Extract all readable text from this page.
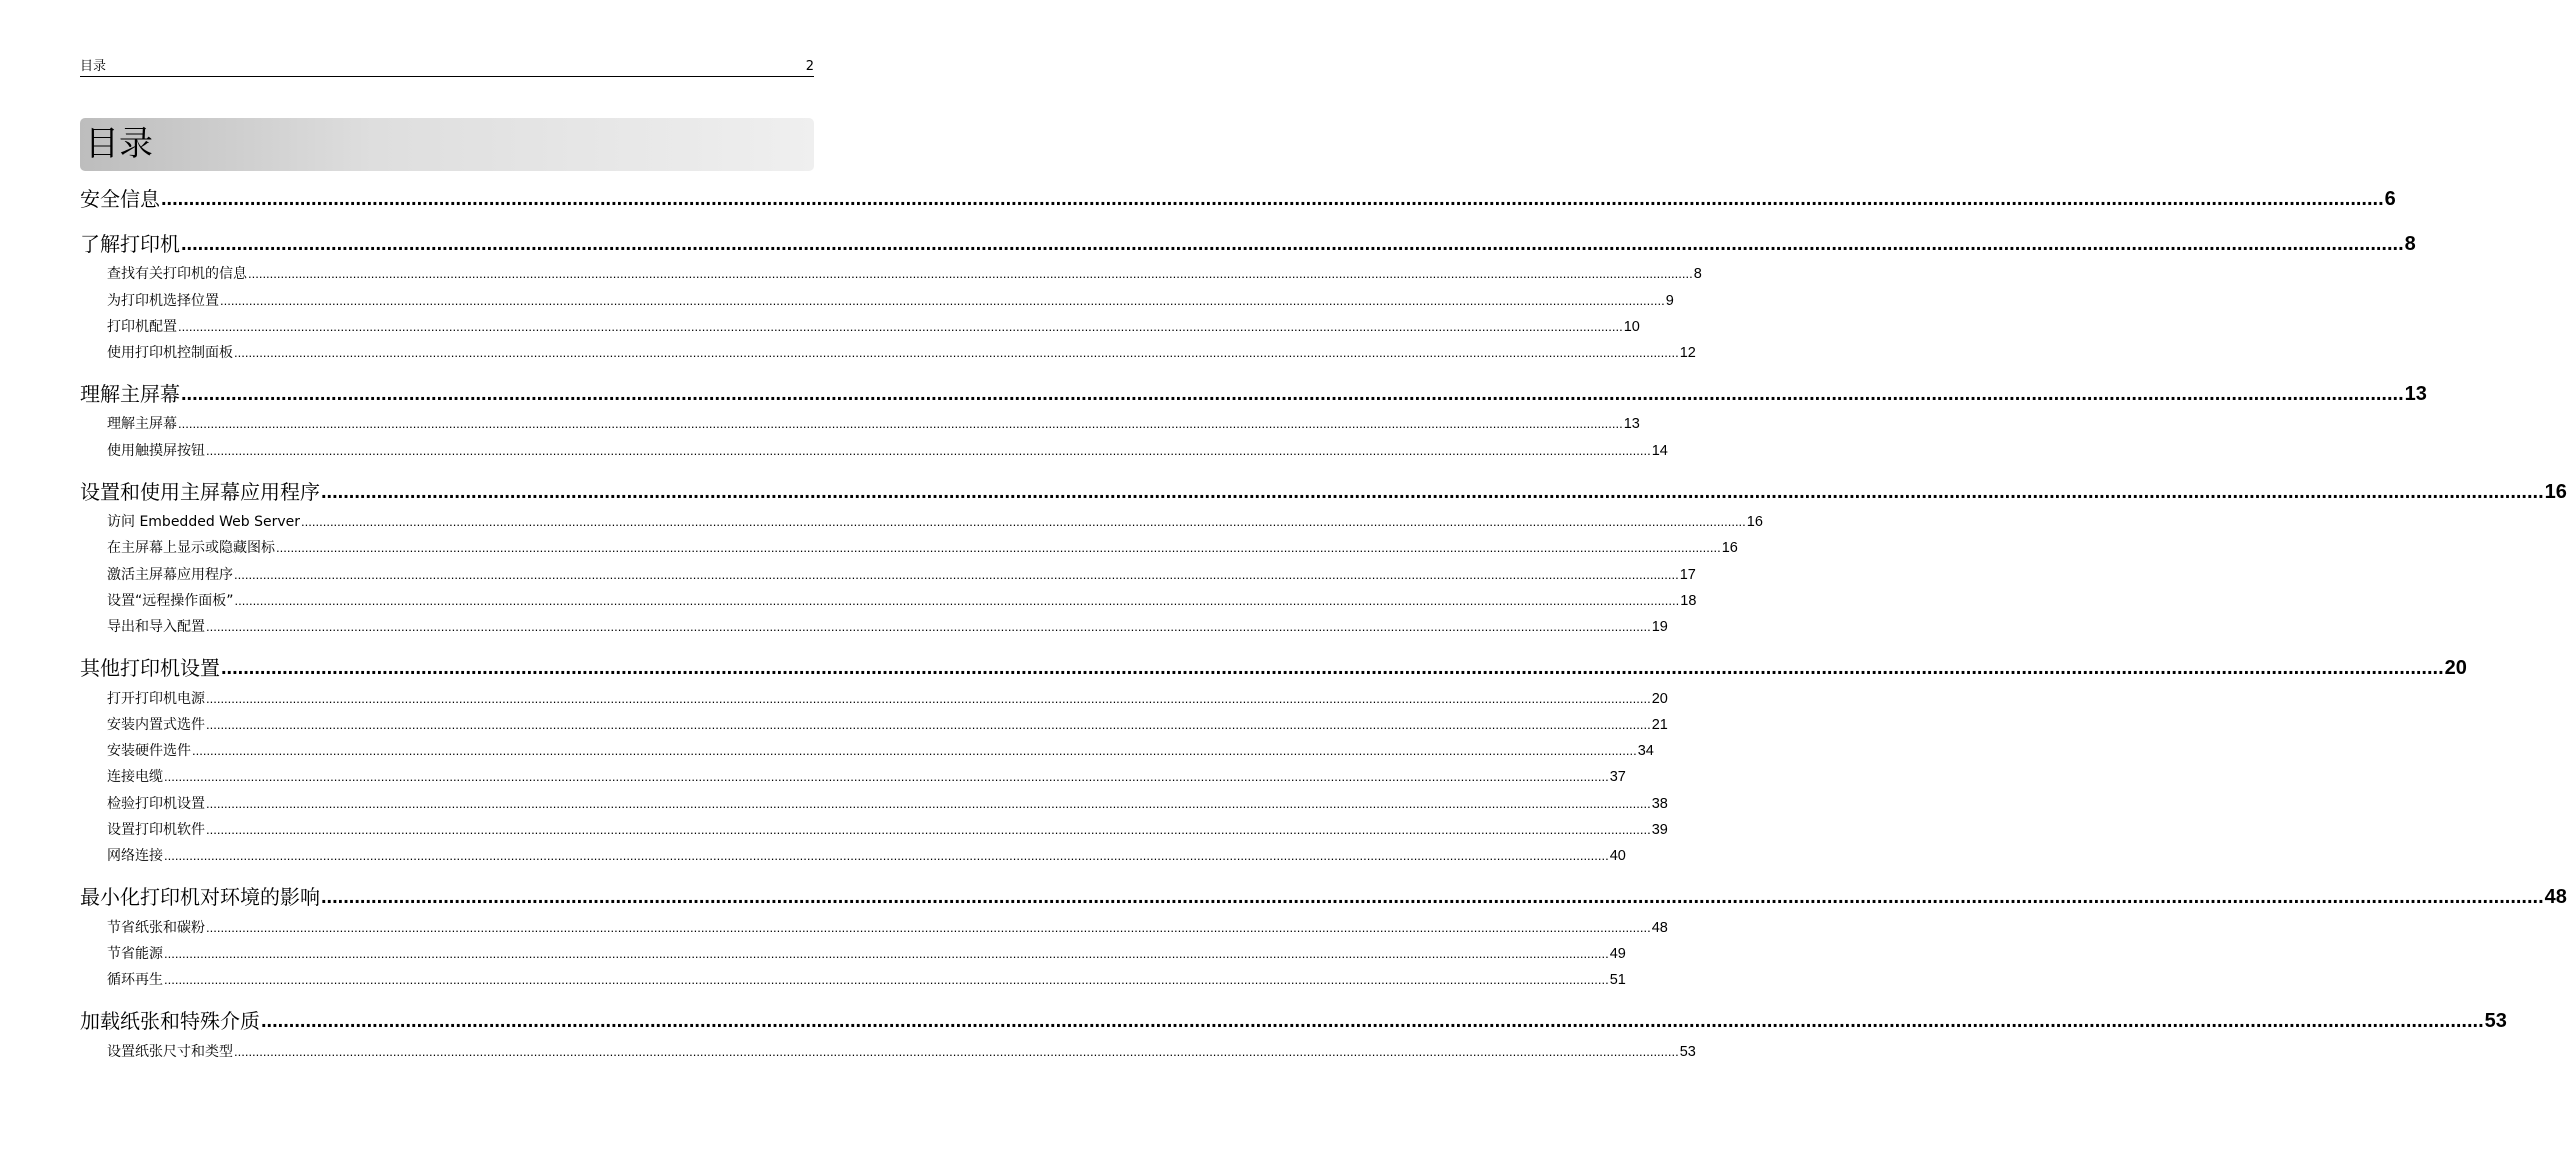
目录	2
目录
安全信息 ................................................................................................................................................................................................................................................................................................................................................................................................................ 6
了解打印机 ................................................................................................................................................................................................................................................................................................................................................................................................................ 8
查找有关打印机的信息 ................................................................................................................................................................................................................................................................................................................................................................................................................ 8
为打印机选择位置 ................................................................................................................................................................................................................................................................................................................................................................................................................ 9
打印机配置 ................................................................................................................................................................................................................................................................................................................................................................................................................ 10
使用打印机控制面板 ................................................................................................................................................................................................................................................................................................................................................................................................................ 12
理解主屏幕 ................................................................................................................................................................................................................................................................................................................................................................................................................ 13
理解主屏幕 ................................................................................................................................................................................................................................................................................................................................................................................................................ 13
使用触摸屏按钮 ................................................................................................................................................................................................................................................................................................................................................................................................................ 14
设置和使用主屏幕应用程序 ................................................................................................................................................................................................................................................................................................................................................................................................................ 16
访问 Embedded Web Server ................................................................................................................................................................................................................................................................................................................................................................................................................ 16
在主屏幕上显示或隐藏图标 ................................................................................................................................................................................................................................................................................................................................................................................................................ 16
激活主屏幕应用程序 ................................................................................................................................................................................................................................................................................................................................................................................................................ 17
设置“远程操作面板” ................................................................................................................................................................................................................................................................................................................................................................................................................ 18
导出和导入配置 ................................................................................................................................................................................................................................................................................................................................................................................................................ 19
其他打印机设置 ................................................................................................................................................................................................................................................................................................................................................................................................................ 20
打开打印机电源 ................................................................................................................................................................................................................................................................................................................................................................................................................ 20
安装内置式选件 ................................................................................................................................................................................................................................................................................................................................................................................................................ 21
安装硬件选件 ................................................................................................................................................................................................................................................................................................................................................................................................................ 34
连接电缆 ................................................................................................................................................................................................................................................................................................................................................................................................................ 37
检验打印机设置 ................................................................................................................................................................................................................................................................................................................................................................................................................ 38
设置打印机软件 ................................................................................................................................................................................................................................................................................................................................................................................................................ 39
网络连接 ................................................................................................................................................................................................................................................................................................................................................................................................................ 40
最小化打印机对环境的影响 ................................................................................................................................................................................................................................................................................................................................................................................................................ 48
节省纸张和碳粉 ................................................................................................................................................................................................................................................................................................................................................................................................................ 48
节省能源 ................................................................................................................................................................................................................................................................................................................................................................................................................ 49
循环再生 ................................................................................................................................................................................................................................................................................................................................................................................................................ 51
加载纸张和特殊介质 ................................................................................................................................................................................................................................................................................................................................................................................................................ 53
设置纸张尺寸和类型 ................................................................................................................................................................................................................................................................................................................................................................................................................ 53
